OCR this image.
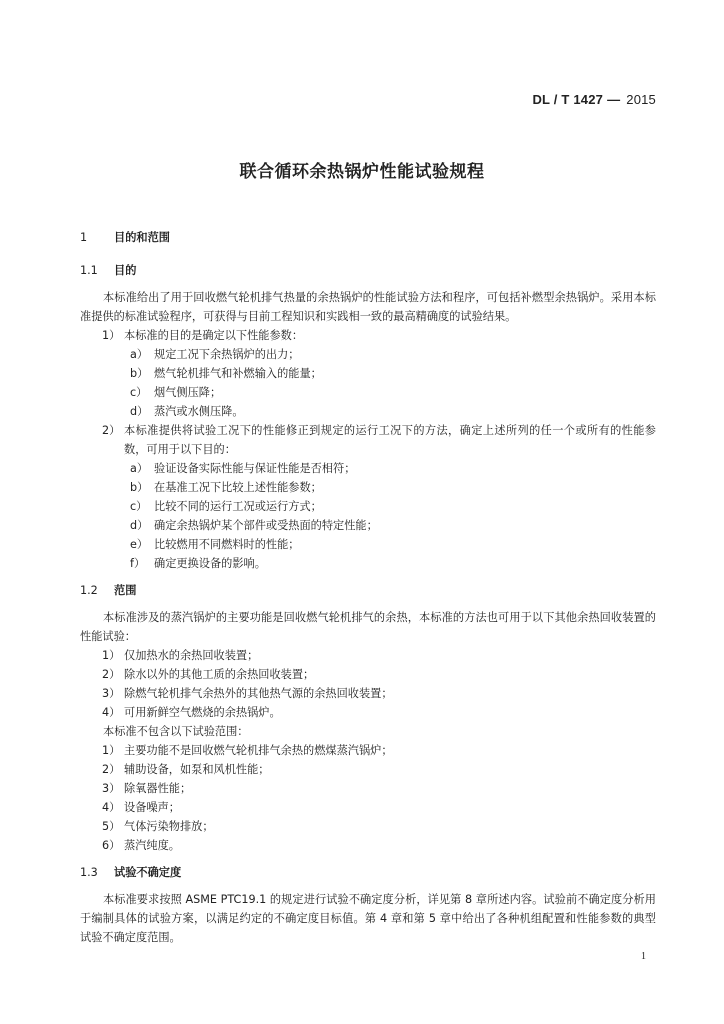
DL / T 1427 — 2015
联合循环余热锅炉性能试验规程
1 目的和范围
1.1 目的

本标准给出了用于回收燃气轮机排气热量的余热锅炉的性能试验方法和程序，可包括补燃型余热锅炉。采用本标准提供的标准试验程序，可获得与目前工程知识和实践相一致的最高精确度的试验结果。

1） 本标准的目的是确定以下性能参数：

a） 规定工况下余热锅炉的出力；

b） 燃气轮机排气和补燃输入的能量；

c） 烟气侧压降；

d） 蒸汽或水侧压降。

2） 本标准提供将试验工况下的性能修正到规定的运行工况下的方法，确定上述所列的任一个或所有的性能参数，可用于以下目的：

a） 验证设备实际性能与保证性能是否相符；

b） 在基准工况下比较上述性能参数；

c） 比较不同的运行工况或运行方式；

d） 确定余热锅炉某个部件或受热面的特定性能；

e） 比较燃用不同燃料时的性能；

f） 确定更换设备的影响。

1.2 范围

本标准涉及的蒸汽锅炉的主要功能是回收燃气轮机排气的余热，本标准的方法也可用于以下其他余热回收装置的性能试验：

1） 仅加热水的余热回收装置；

2） 除水以外的其他工质的余热回收装置；

3） 除燃气轮机排气余热外的其他热气源的余热回收装置；

4） 可用新鲜空气燃烧的余热锅炉。

本标准不包含以下试验范围：

1） 主要功能不是回收燃气轮机排气余热的燃煤蒸汽锅炉；

2） 辅助设备，如泵和风机性能；

3） 除氧器性能；

4） 设备噪声；

5） 气体污染物排放；

6） 蒸汽纯度。

1.3 试验不确定度

本标准要求按照 ASME PTC19.1 的规定进行试验不确定度分析，详见第 8 章所述内容。试验前不确定度分析用于编制具体的试验方案，以满足约定的不确定度目标值。第 4 章和第 5 章中给出了各种机组配置和性能参数的典型试验不确定度范围。

1
